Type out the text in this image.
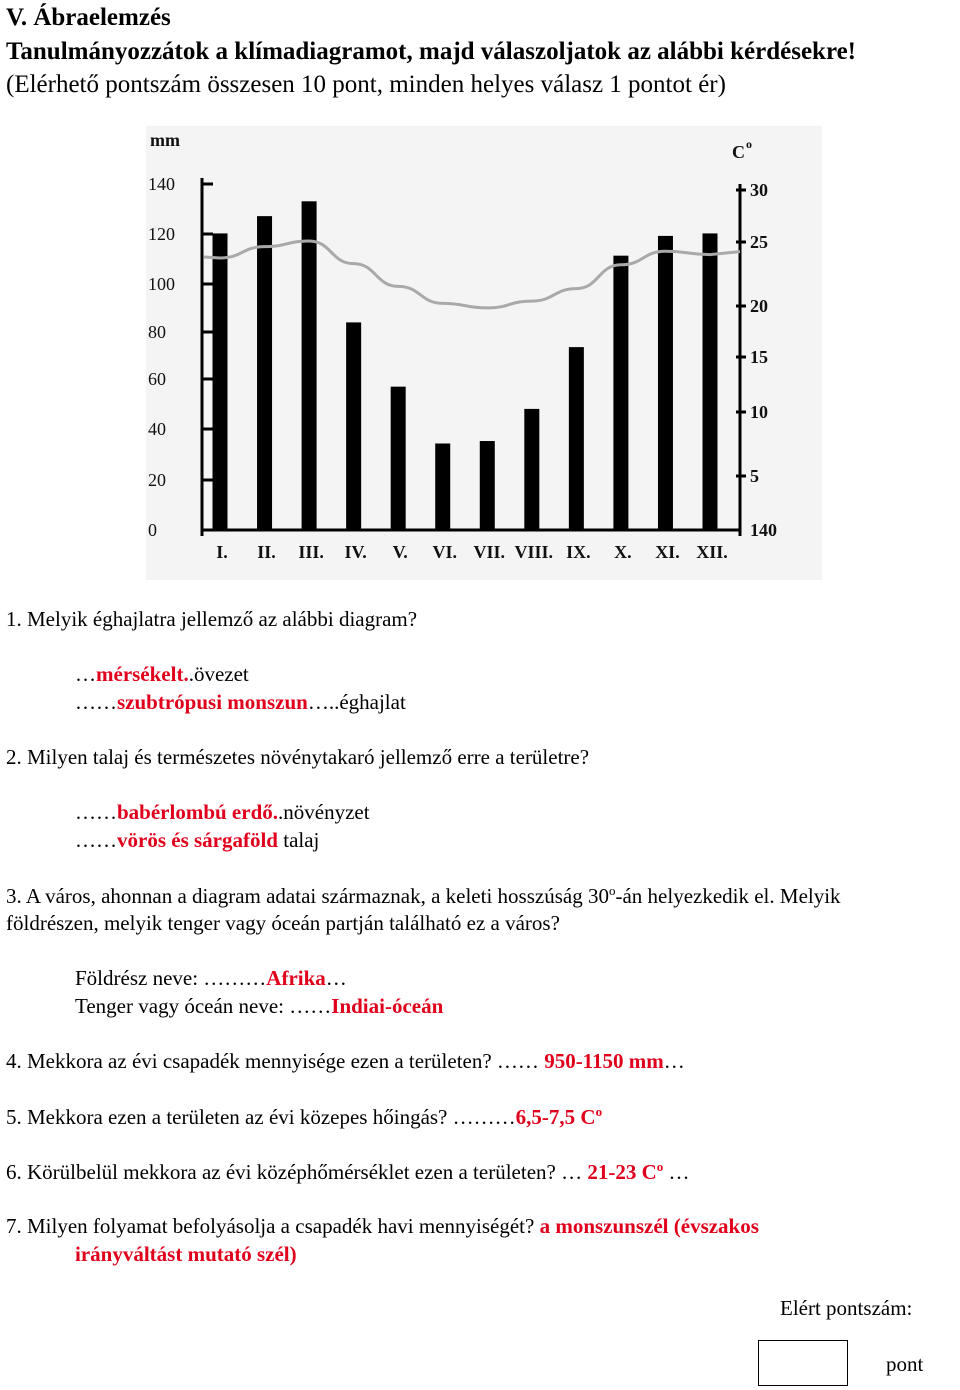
V. Ábraelemzés
Tanulmányozzátok a klímadiagramot, majd válaszoljatok az alábbi kérdésekre!
(Elérhető pontszám összesen 10 pont, minden helyes válasz 1 pontot ér)
mm
C o
140
120
100
80
60
40
20
0
30
25
20
15
10
5
140
I. II. III. IV. V. VI. VII. VIII. IX. X. XI. XII.
1. Melyik éghajlatra jellemző az alábbi diagram?
…mérsékelt..övezet
……szubtrópusi monszun…..éghajlat
2. Milyen talaj és természetes növénytakaró jellemző erre a területre?
……babérlombú erdő..növényzet
……vörös és sárgaföld talaj
3. A város, ahonnan a diagram adatai származnak, a keleti hosszúság 30$^o$-án helyezkedik el. Melyik
földrészen, melyik tenger vagy óceán partján található ez a város?
Földrész neve: ………Afrika…
Tenger vagy óceán neve: ……Indiai-óceán
4. Mekkora az évi csapadék mennyisége ezen a területen? …… 950-1150 mm…
5. Mekkora ezen a területen az évi közepes hőingás? ………6,5-7,5 $C^o$
6. Körülbelül mekkora az évi középhőmérséklet ezen a területen? … 21-23 $C^o$ …
7. Milyen folyamat befolyásolja a csapadék havi mennyiségét? a monszunszél (évszakos
irányváltást mutató szél)
Elért pontszám:
pont
